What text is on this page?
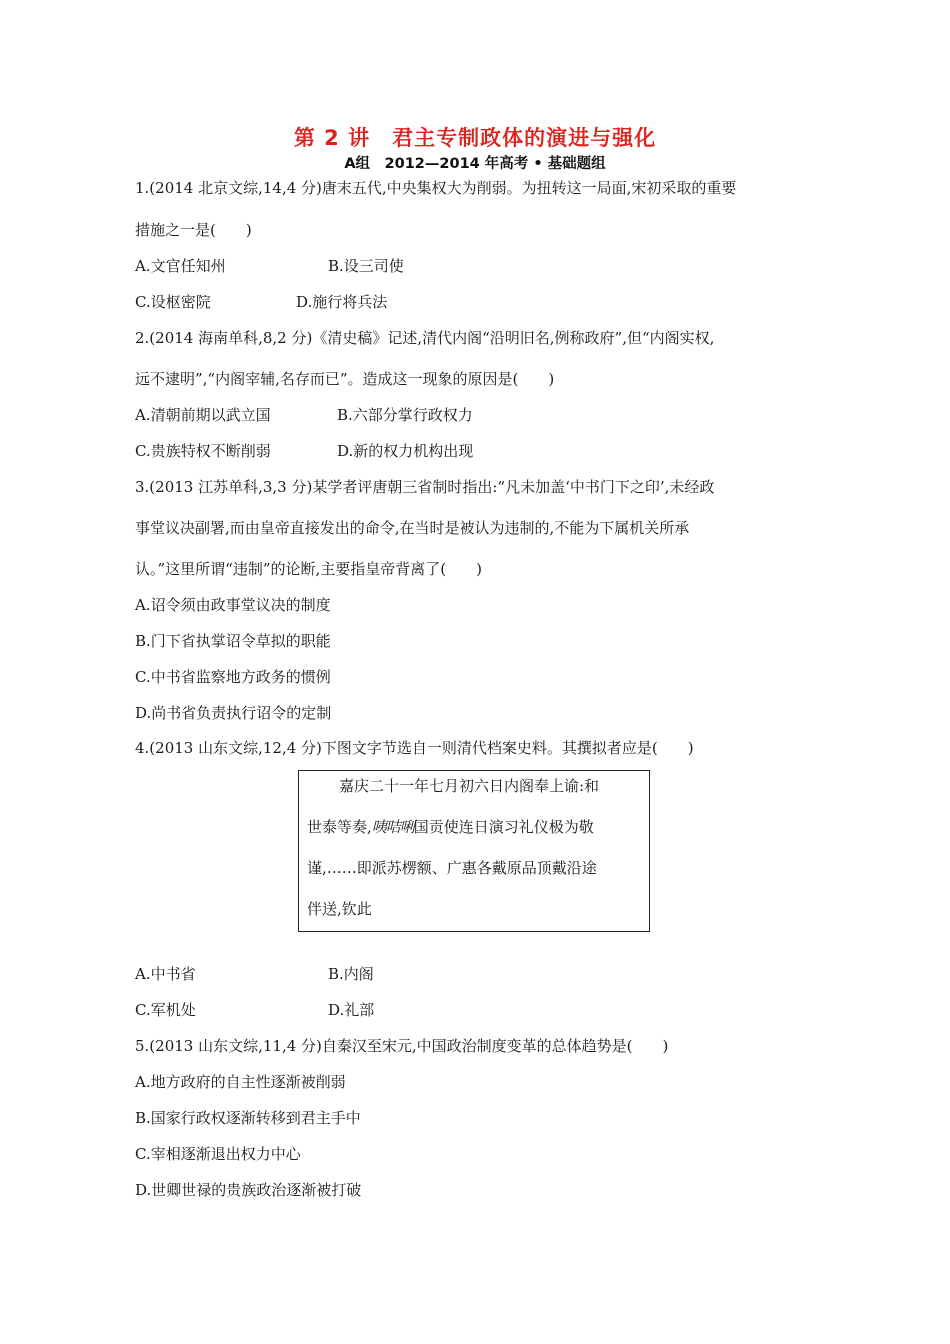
第 2 讲　君主专制政体的演进与强化
A组　2012—2014 年高考 • 基础题组
1.(2014 北京文综,14,4 分)唐末五代,中央集权大为削弱。为扭转这一局面,宋初采取的重要
措施之一是(　　)
A.文官任知州	B.设三司使
C.设枢密院	D.施行将兵法
2.(2014 海南单科,8,2 分)《清史稿》记述,清代内阁“沿明旧名,例称政府”,但“内阁实权,
远不逮明”,“内阁宰辅,名存而已”。造成这一现象的原因是(　　)
A.清朝前期以武立国	B.六部分掌行政权力
C.贵族特权不断削弱	D.新的权力机构出现
3.(2013 江苏单科,3,3 分)某学者评唐朝三省制时指出:“凡未加盖‘中书门下之印’,未经政
事堂议决副署,而由皇帝直接发出的命令,在当时是被认为违制的,不能为下属机关所承
认。”这里所谓“违制”的论断,主要指皇帝背离了(　　)
A.诏令须由政事堂议决的制度
B.门下省执掌诏令草拟的职能
C.中书省监察地方政务的惯例
D.尚书省负责执行诏令的定制
4.(2013 山东文综,12,4 分)下图文字节选自一则清代档案史料。其撰拟者应是(　　)
嘉庆二十一年七月初六日内阁奉上谕:和
世泰等奏,咦咭唎国贡使连日演习礼仪极为敬
谨,……即派苏楞额、广惠各戴原品顶戴沿途
伴送,钦此
A.中书省	B.内阁
C.军机处	D.礼部
5.(2013 山东文综,11,4 分)自秦汉至宋元,中国政治制度变革的总体趋势是(　　)
A.地方政府的自主性逐渐被削弱
B.国家行政权逐渐转移到君主手中
C.宰相逐渐退出权力中心
D.世卿世禄的贵族政治逐渐被打破
